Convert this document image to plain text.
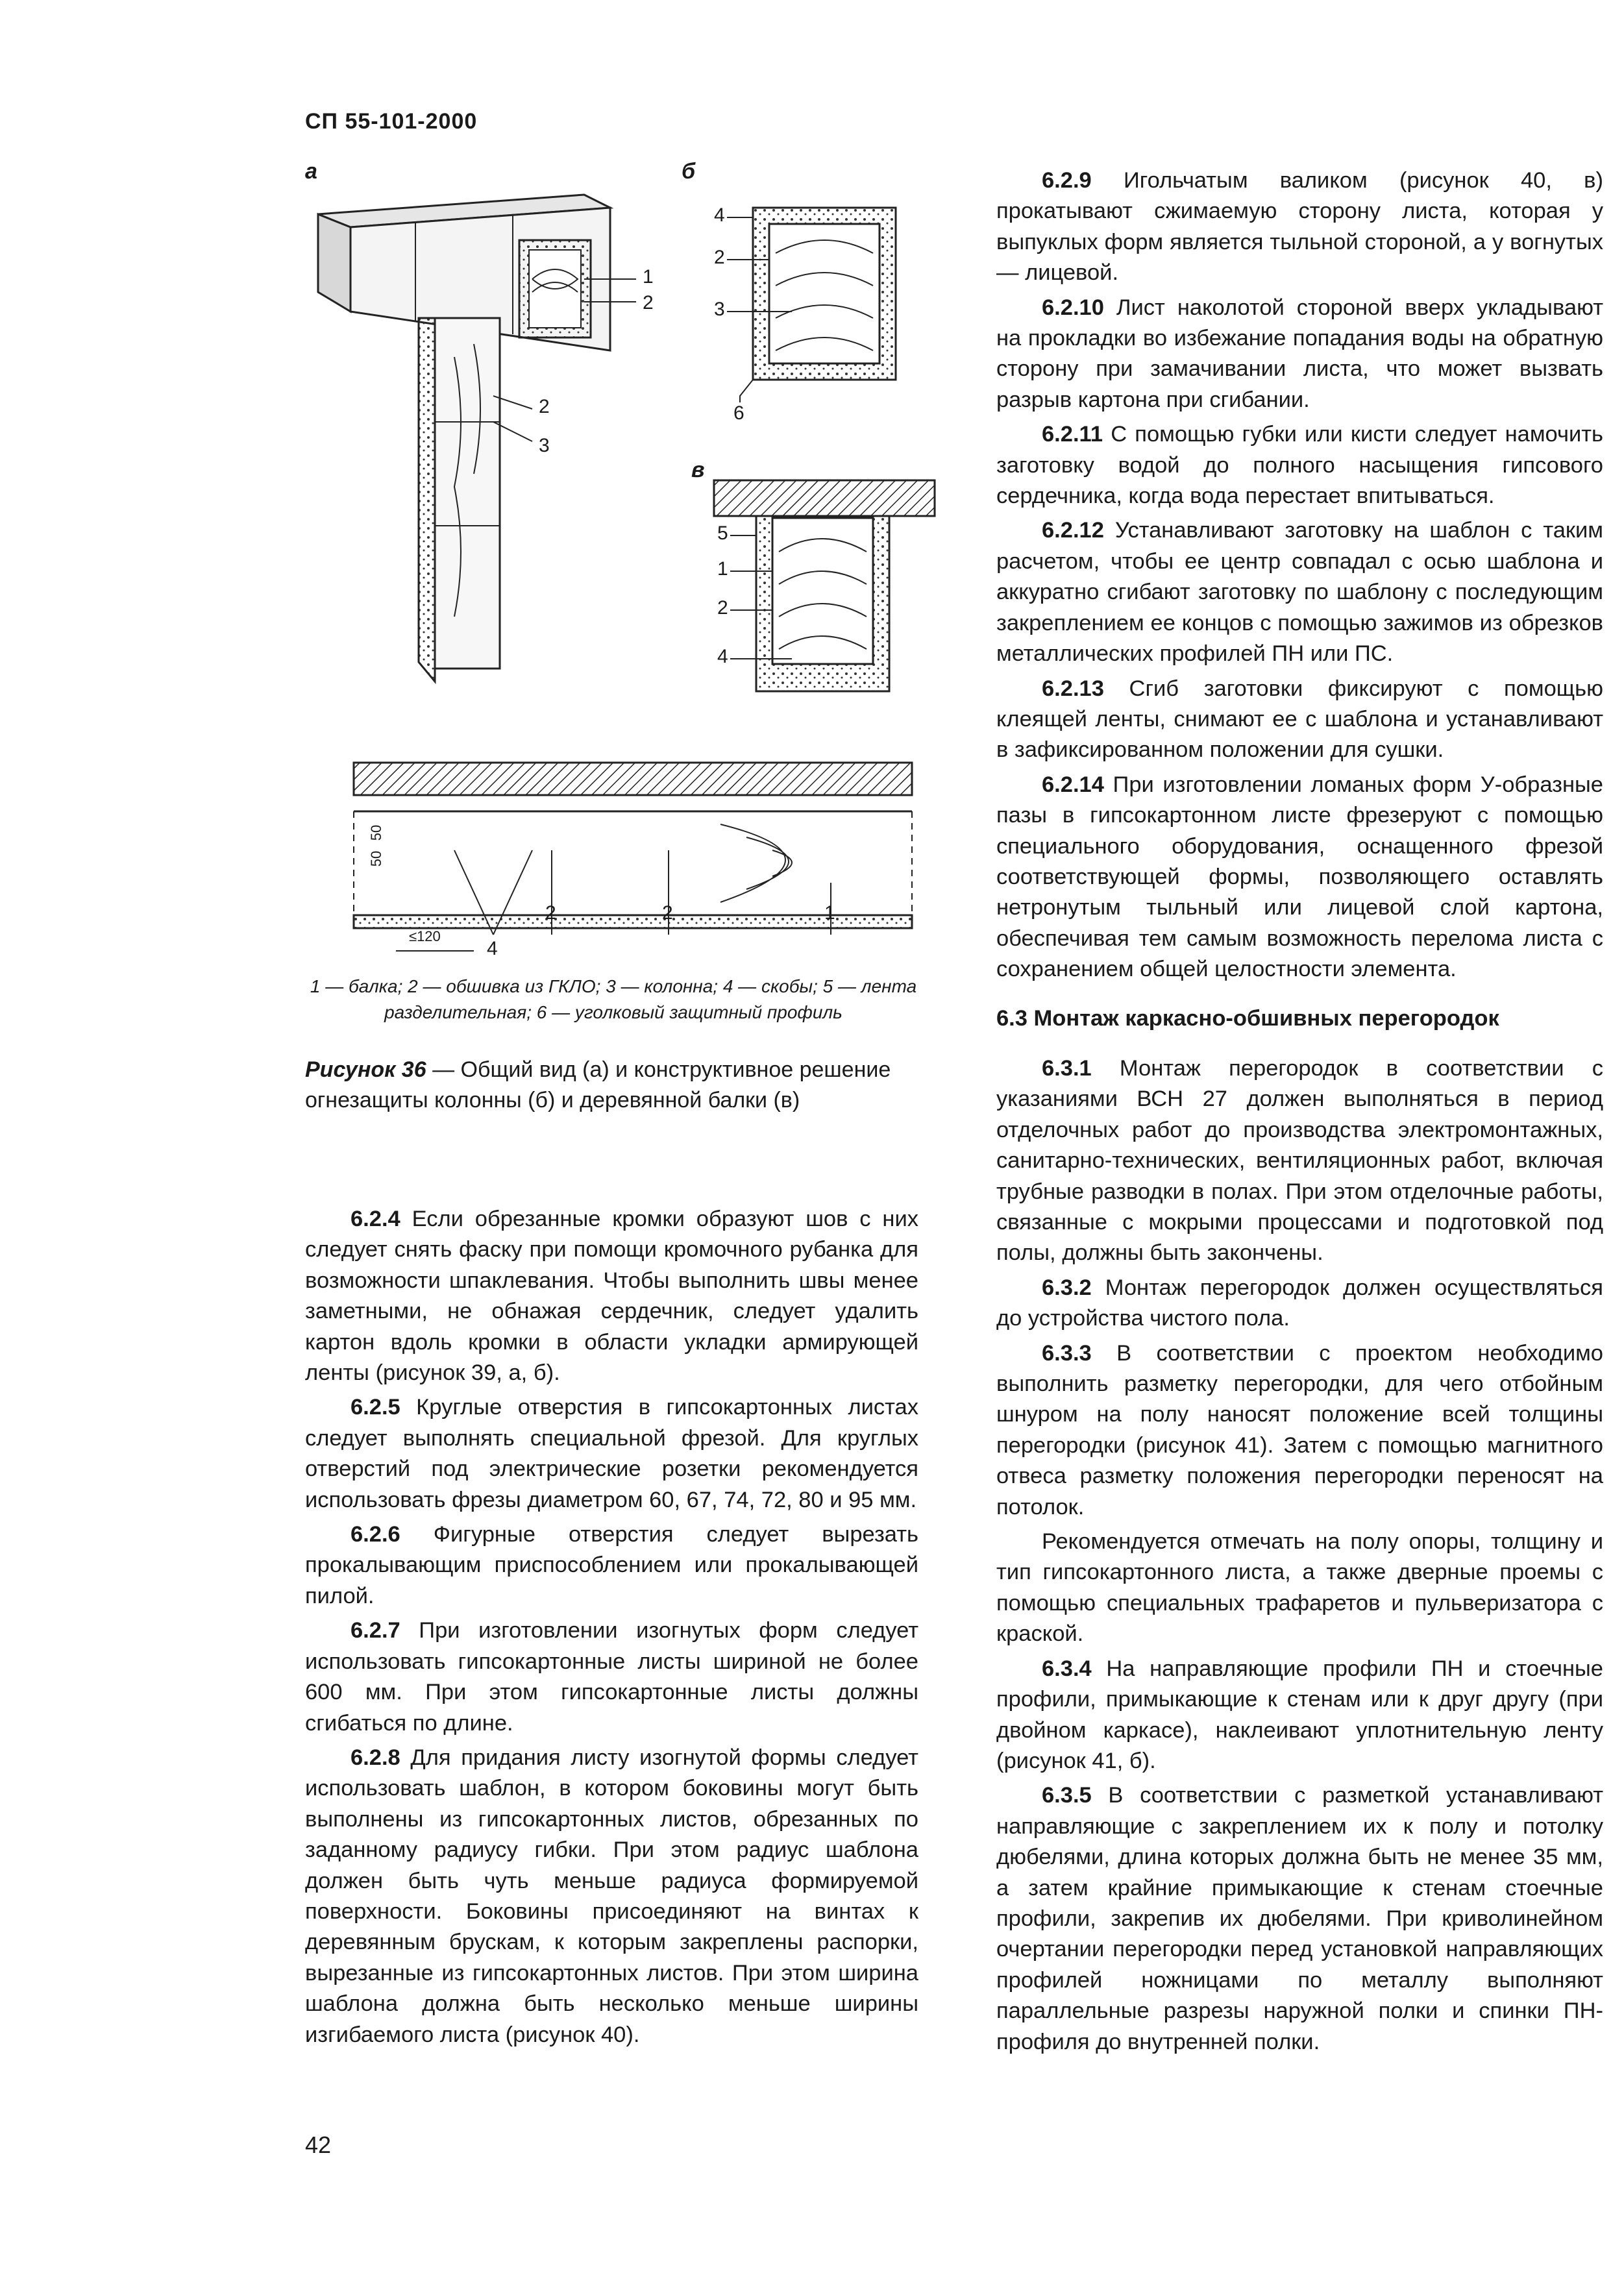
СП 55-101-2000
а	б
в
1
2
2
3
4
2
3
6
5
1
2
4
4
2	2	1
50
50
≤120
1 — балка; 2 — обшивка из ГКЛО; 3 — колонна; 4 — скобы; 5 — лента разделительная; 6 — уголковый защитный профиль
Рисунок 36 — Общий вид (а) и конструктивное решение огнезащиты колонны (б) и деревянной балки (в)

6.2.4 Если обрезанные кромки образуют шов с них следует снять фаску при помощи кромочного рубанка для возможности шпаклевания. Чтобы выполнить швы менее заметными, не обнажая сердечник, следует удалить картон вдоль кромки в области укладки армирующей ленты (рисунок 39, а, б).

6.2.5 Круглые отверстия в гипсокартонных листах следует выполнять специальной фрезой. Для круглых отверстий под электрические розетки рекомендуется использовать фрезы диаметром 60, 67, 74, 72, 80 и 95 мм.

6.2.6 Фигурные отверстия следует вырезать прокалывающим приспособлением или прокалывающей пилой.

6.2.7 При изготовлении изогнутых форм следует использовать гипсокартонные листы шириной не более 600 мм. При этом гипсокартонные листы должны сгибаться по длине.

6.2.8 Для придания листу изогнутой формы следует использовать шаблон, в котором боковины могут быть выполнены из гипсокартонных листов, обрезанных по заданному радиусу гибки. При этом радиус шаблона должен быть чуть меньше радиуса формируемой поверхности. Боковины присоединяют на винтах к деревянным брускам, к которым закреплены распорки, вырезанные из гипсокартонных листов. При этом ширина шаблона должна быть несколько меньше ширины изгибаемого листа (рисунок 40).

6.2.9 Игольчатым валиком (рисунок 40, в) прокатывают сжимаемую сторону листа, которая у выпуклых форм является тыльной стороной, а у вогнутых — лицевой.

6.2.10 Лист наколотой стороной вверх укладывают на прокладки во избежание попадания воды на обратную сторону при замачивании листа, что может вызвать разрыв картона при сгибании.

6.2.11 С помощью губки или кисти следует намочить заготовку водой до полного насыщения гипсового сердечника, когда вода перестает впитываться.

6.2.12 Устанавливают заготовку на шаблон с таким расчетом, чтобы ее центр совпадал с осью шаблона и аккуратно сгибают заготовку по шаблону с последующим закреплением ее концов с помощью зажимов из обрезков металлических профилей ПН или ПС.

6.2.13 Сгиб заготовки фиксируют с помощью клеящей ленты, снимают ее с шаблона и устанавливают в зафиксированном положении для сушки.

6.2.14 При изготовлении ломаных форм У-образные пазы в гипсокартонном листе фрезеруют с помощью специального оборудования, оснащенного фрезой соответствующей формы, позволяющего оставлять нетронутым тыльный или лицевой слой картона, обеспечивая тем самым возможность перелома листа с сохранением общей целостности элемента.

6.3 Монтаж каркасно-обшивных перегородок

6.3.1 Монтаж перегородок в соответствии с указаниями ВСН 27 должен выполняться в период отделочных работ до производства электромонтажных, санитарно-технических, вентиляционных работ, включая трубные разводки в полах. При этом отделочные работы, связанные с мокрыми процессами и подготовкой под полы, должны быть закончены.

6.3.2 Монтаж перегородок должен осуществляться до устройства чистого пола.

6.3.3 В соответствии с проектом необходимо выполнить разметку перегородки, для чего отбойным шнуром на полу наносят положение всей толщины перегородки (рисунок 41). Затем с помощью магнитного отвеса разметку положения перегородки переносят на потолок.

Рекомендуется отмечать на полу опоры, толщину и тип гипсокартонного листа, а также дверные проемы с помощью специальных трафаретов и пульверизатора с краской.

6.3.4 На направляющие профили ПН и стоечные профили, примыкающие к стенам или к друг другу (при двойном каркасе), наклеивают уплотнительную ленту (рисунок 41, б).

6.3.5 В соответствии с разметкой устанавливают направляющие с закреплением их к полу и потолку дюбелями, длина которых должна быть не менее 35 мм, а затем крайние примыкающие к стенам стоечные профили, закрепив их дюбелями. При криволинейном очертании перегородки перед установкой направляющих профилей ножницами по металлу выполняют параллельные разрезы наружной полки и спинки ПН-профиля до внутренней полки.

42
